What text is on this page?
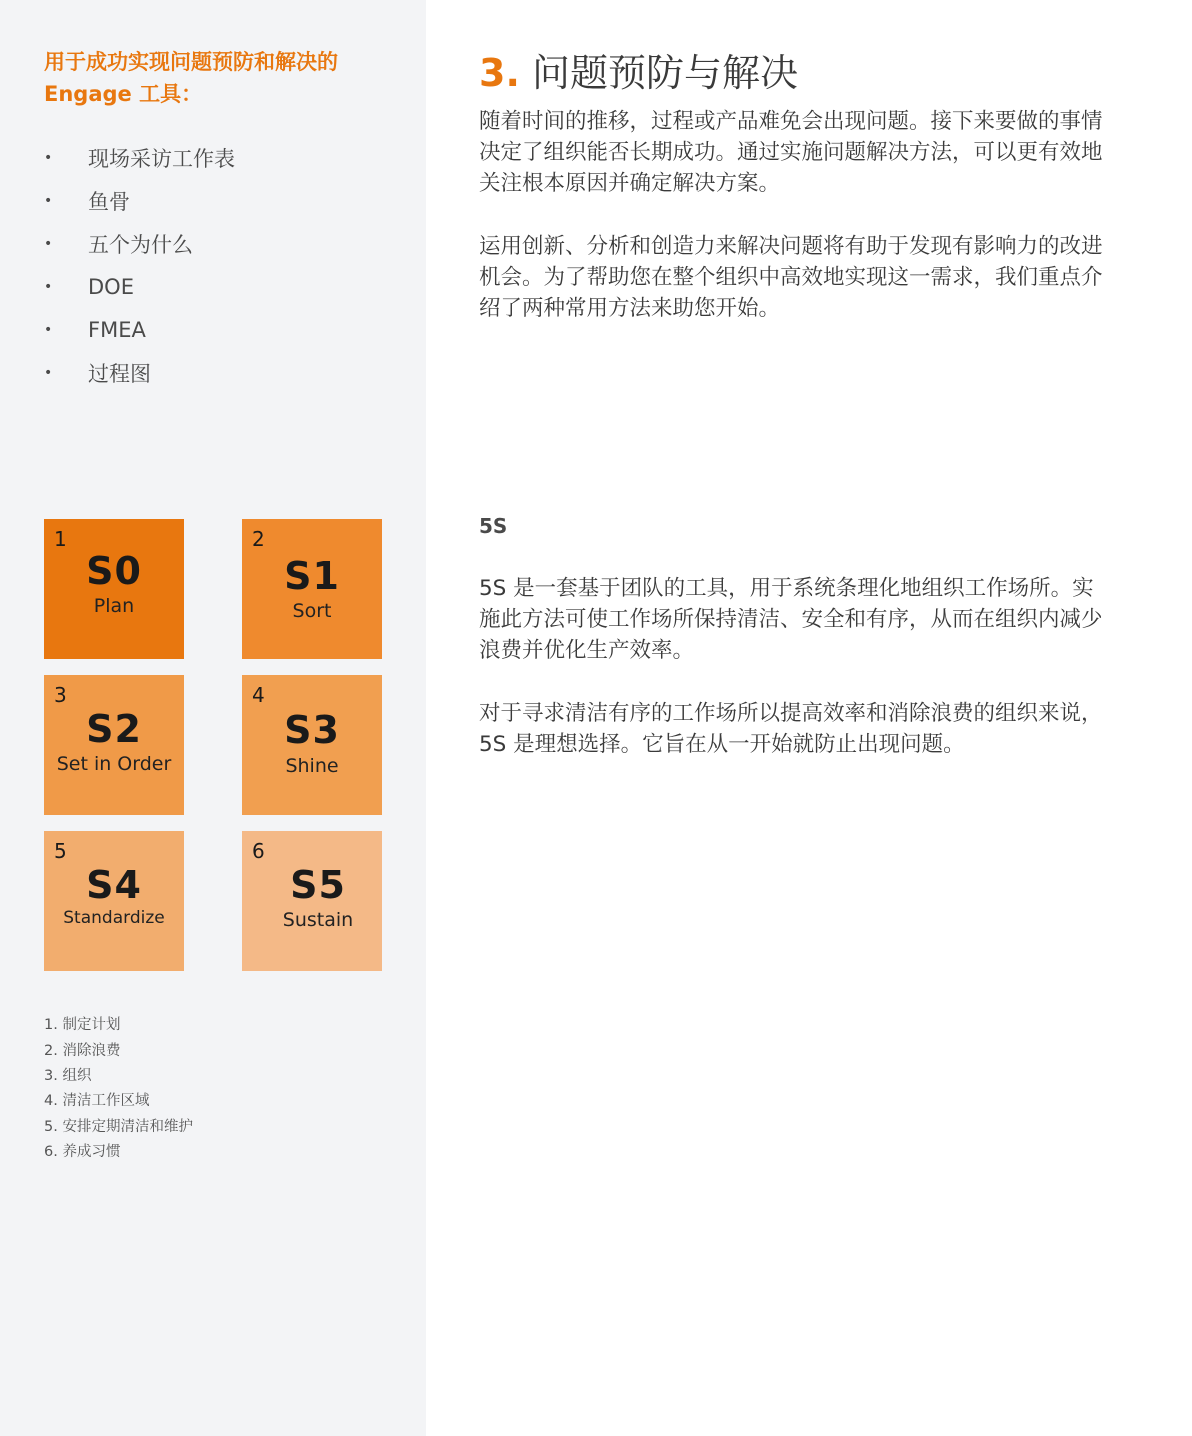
用于成功实现问题预防和解决的 Engage 工具：
•	现场采访工作表
•	鱼骨
•	五个为什么
•	DOE
•	FMEA
•	过程图
1
S0
Plan
2
S1
Sort
3
S2
Set in Order
4
S3
Shine
5
S4
Standardize
6
S5
Sustain
1. 制定计划
2. 消除浪费
3. 组织
4. 清洁工作区域
5. 安排定期清洁和维护
6. 养成习惯
3. 问题预防与解决

随着时间的推移，过程或产品难免会出现问题。接下来要做的事情决定了组织能否长期成功。通过实施问题解决方法，可以更有效地关注根本原因并确定解决方案。

运用创新、分析和创造力来解决问题将有助于发现有影响力的改进机会。为了帮助您在整个组织中高效地实现这一需求，我们重点介绍了两种常用方法来助您开始。

5S

5S 是一套基于团队的工具，用于系统条理化地组织工作场所。实施此方法可使工作场所保持清洁、安全和有序，从而在组织内减少浪费并优化生产效率。

对于寻求清洁有序的工作场所以提高效率和消除浪费的组织来说，5S 是理想选择。它旨在从一开始就防止出现问题。
